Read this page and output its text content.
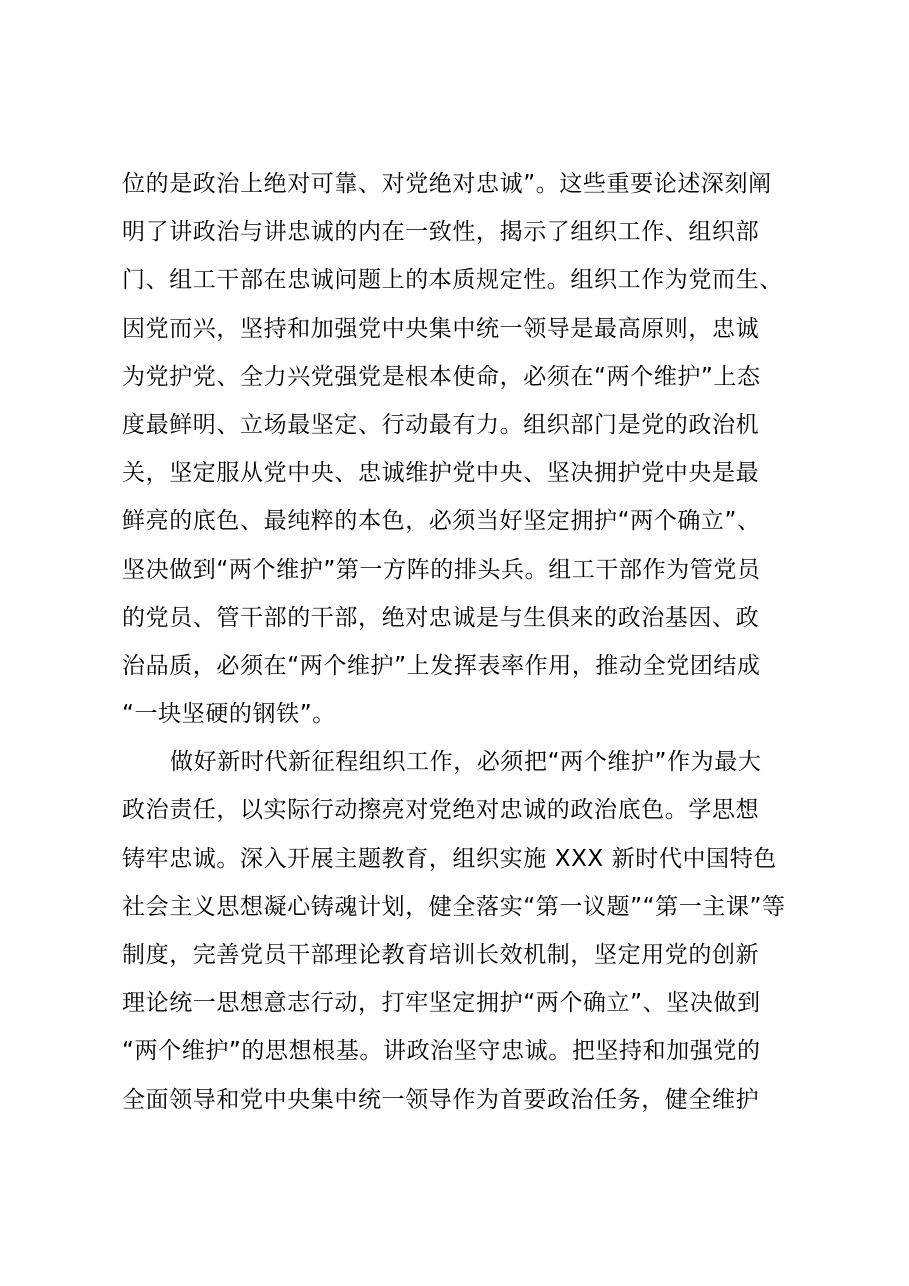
位的是政治上绝对可靠、对党绝对忠诚”。这些重要论述深刻阐
明了讲政治与讲忠诚的内在一致性，揭示了组织工作、组织部
门、组工干部在忠诚问题上的本质规定性。组织工作为党而生、
因党而兴，坚持和加强党中央集中统一领导是最高原则，忠诚
为党护党、全力兴党强党是根本使命，必须在“两个维护”上态
度最鲜明、立场最坚定、行动最有力。组织部门是党的政治机
关，坚定服从党中央、忠诚维护党中央、坚决拥护党中央是最
鲜亮的底色、最纯粹的本色，必须当好坚定拥护“两个确立”、
坚决做到“两个维护”第一方阵的排头兵。组工干部作为管党员
的党员、管干部的干部，绝对忠诚是与生俱来的政治基因、政
治品质，必须在“两个维护”上发挥表率作用，推动全党团结成
“一块坚硬的钢铁”。
做好新时代新征程组织工作，必须把“两个维护”作为最大
政治责任，以实际行动擦亮对党绝对忠诚的政治底色。学思想
铸牢忠诚。深入开展主题教育，组织实施 XXX 新时代中国特色
社会主义思想凝心铸魂计划，健全落实“第一议题”“第一主课”等
制度，完善党员干部理论教育培训长效机制，坚定用党的创新
理论统一思想意志行动，打牢坚定拥护“两个确立”、坚决做到
“两个维护”的思想根基。讲政治坚守忠诚。把坚持和加强党的
全面领导和党中央集中统一领导作为首要政治任务，健全维护
